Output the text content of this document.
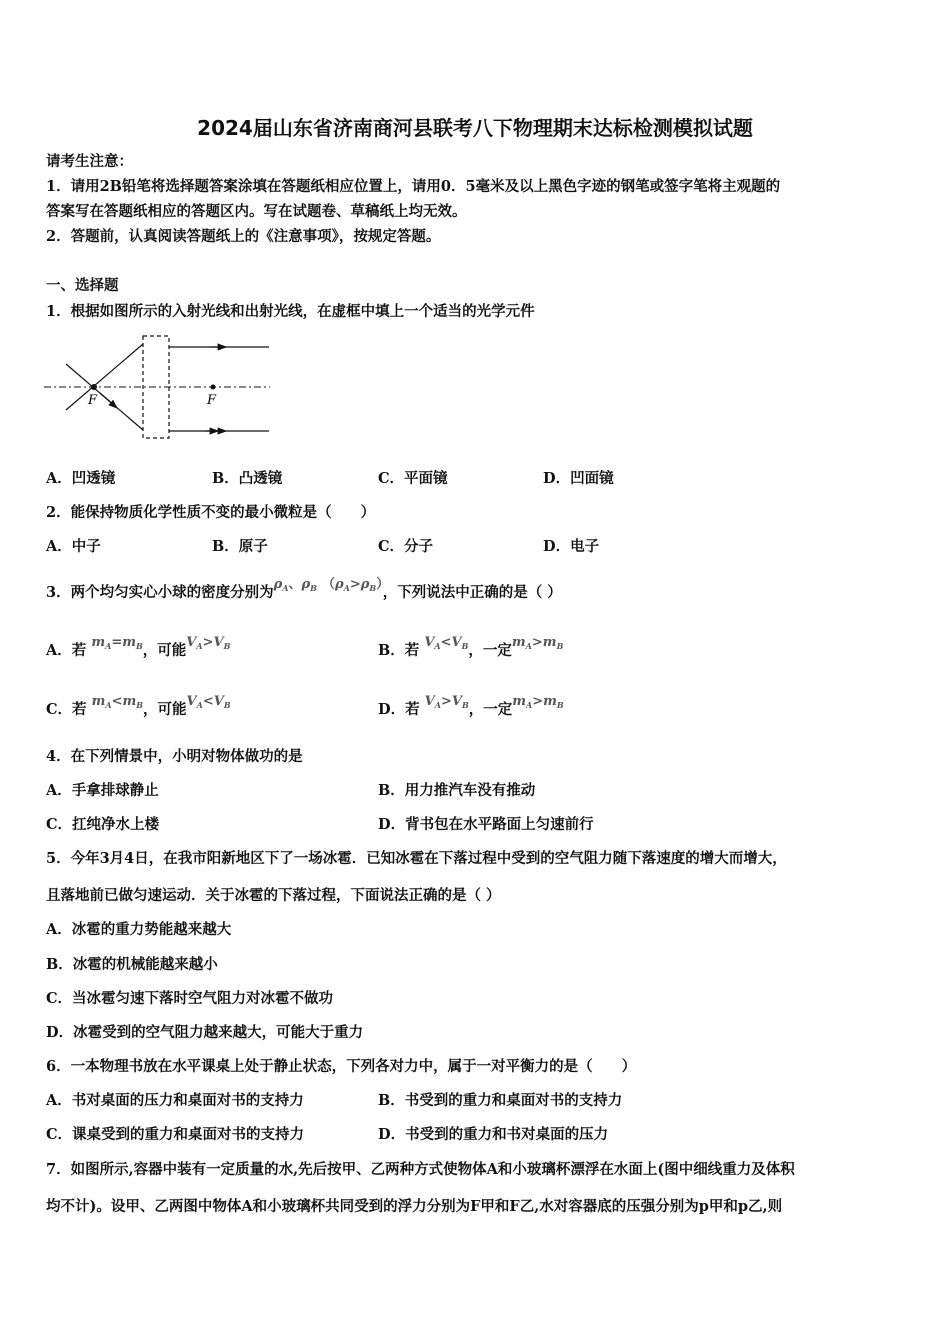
2024届山东省济南商河县联考八下物理期末达标检测模拟试题
请考生注意：
1．请用2B铅笔将选择题答案涂填在答题纸相应位置上，请用0．5毫米及以上黑色字迹的钢笔或签字笔将主观题的
答案写在答题纸相应的答题区内。写在试题卷、草稿纸上均无效。
2．答题前，认真阅读答题纸上的《注意事项》，按规定答题。
一、选择题
1．根据如图所示的入射光线和出射光线，在虚框中填上一个适当的光学元件
F	F
A．凹透镜	B．凸透镜	C．平面镜	D．凹面镜
2．能保持物质化学性质不变的最小微粒是（　　）
A．中子	B．原子	C．分子	D．电子
3．两个均匀实心小球的密度分别为$\rho_A$、$\rho_B$ $(\rho_A>\rho_B)$，下列说法中正确的是（ ）
A．若 $m_A=m_B$，可能$V_A>V_B$	B．若 $V_A<V_B$，一定$m_A>m_B$
C．若 $m_A<m_B$，可能$V_A<V_B$	D．若 $V_A>V_B$，一定$m_A>m_B$
4．在下列情景中，小明对物体做功的是
A．手拿排球静止	B．用力推汽车没有推动
C．扛纯净水上楼	D．背书包在水平路面上匀速前行
5．今年3月4日，在我市阳新地区下了一场冰雹．已知冰雹在下落过程中受到的空气阻力随下落速度的增大而增大，
且落地前已做匀速运动．关于冰雹的下落过程，下面说法正确的是（ ）
A．冰雹的重力势能越来越大
B．冰雹的机械能越来越小
C．当冰雹匀速下落时空气阻力对冰雹不做功
D．冰雹受到的空气阻力越来越大，可能大于重力
6．一本物理书放在水平课桌上处于静止状态，下列各对力中，属于一对平衡力的是（　　）
A．书对桌面的压力和桌面对书的支持力	B．书受到的重力和桌面对书的支持力
C．课桌受到的重力和桌面对书的支持力	D．书受到的重力和书对桌面的压力
7．如图所示,容器中装有一定质量的水,先后按甲、乙两种方式使物体A和小玻璃杯漂浮在水面上(图中细线重力及体积
均不计)。设甲、乙两图中物体A和小玻璃杯共同受到的浮力分别为F甲和F乙,水对容器底的压强分别为p甲和p乙,则
